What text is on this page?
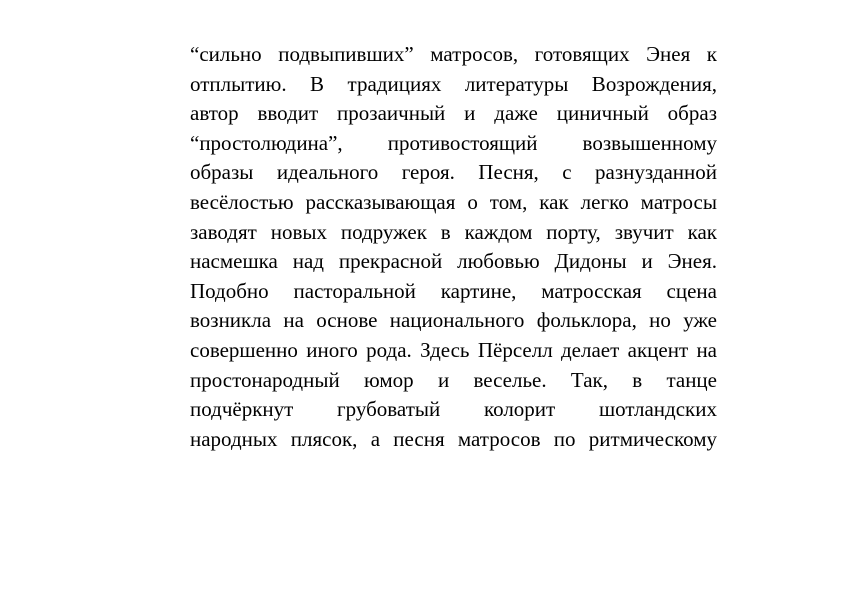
“сильно подвыпивших” матросов, готовящих Энея к
отплытию. В традициях литературы Возрождения,
автор вводит прозаичный и даже циничный образ
“простолюдина”, противостоящий возвышенному
образы идеального героя. Песня, с разнузданной
весёлостью рассказывающая о том, как легко матросы
заводят новых подружек в каждом порту, звучит как
насмешка над прекрасной любовью Дидоны и Энея.
Подобно пасторальной картине, матросская сцена
возникла на основе национального фольклора, но уже
совершенно иного рода. Здесь Пёрселл делает акцент на
простонародный юмор и веселье. Так, в танце
подчёркнут грубоватый колорит шотландских
народных плясок, а песня матросов по ритмическому
